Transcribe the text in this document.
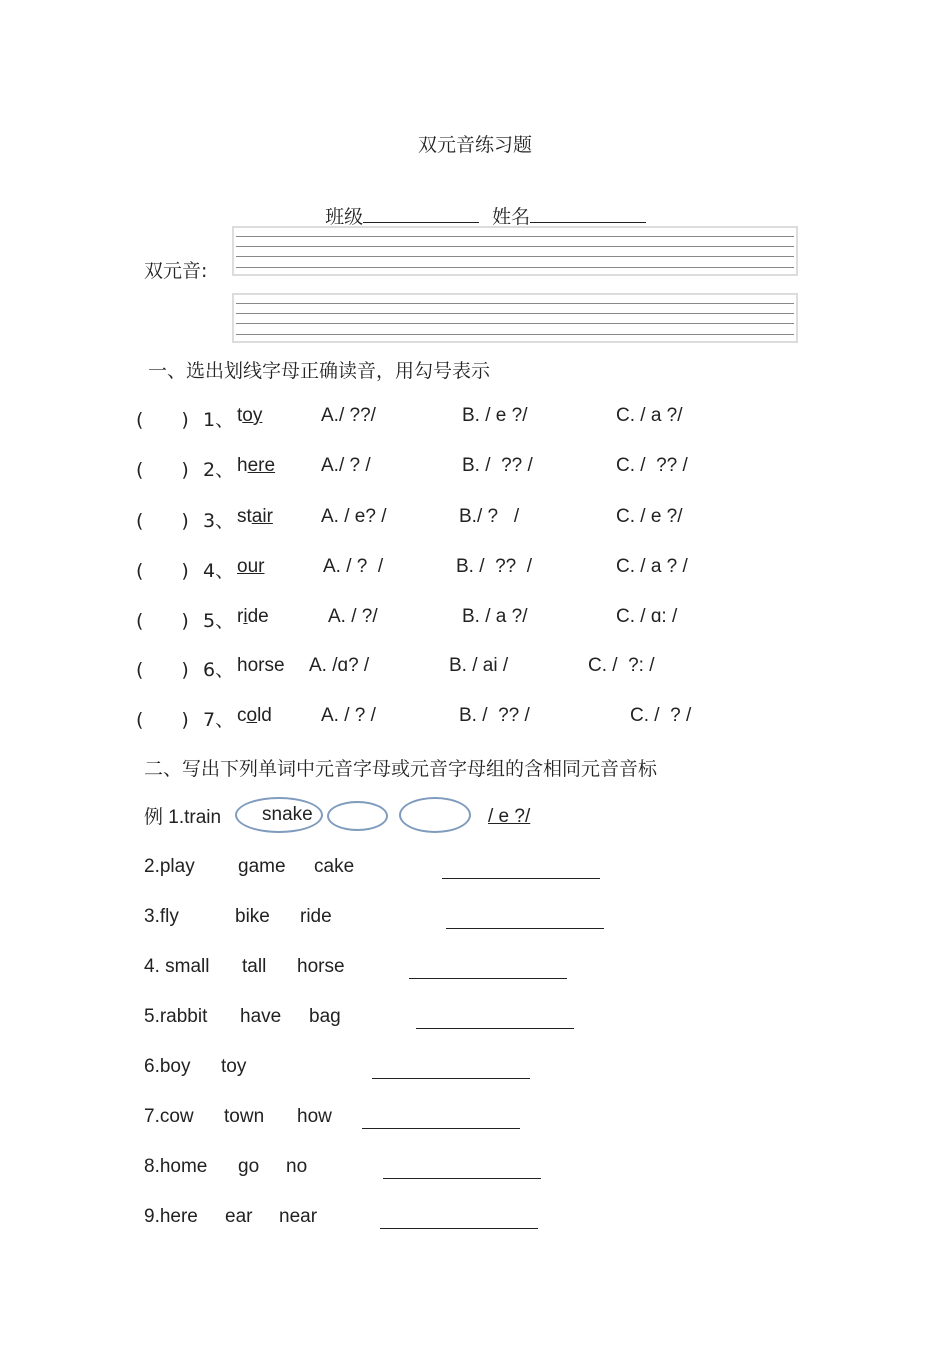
双元音练习题

班级	姓名

双元音:
一、选出划线字母正确读音，用勾号表示
(　　) 1、 toy	A./ ??/	B. / e ?/	C. / a ?/
(　　) 2、 here A./ ? /	B. /  ?? /	C. /  ?? /
(　　) 3、 stair	A. / e? /	B./ ?   /	C. / e ?/
(　　) 4、 our	A. / ?  /	B. /  ??  /	C. / a ? /
(　　) 5、 ride	A. / ?/	B. / a ?/	C. / ɑ: /
(　　) 6、 horse A. /ɑ? /	B. / ai /	C. /  ?: /
(　　) 7、 cold	A. / ? /	B. /  ?? /	C. /  ? /
二、写出下列单词中元音字母或元音字母组的含相同元音音标
例 1.train snake	/ e ?/
2.play game cake
3.fly	bike ride
4. small tall horse
5.rabbit have bag
6.boy toy
7.cow town how
8.home go no
9.here ear near
